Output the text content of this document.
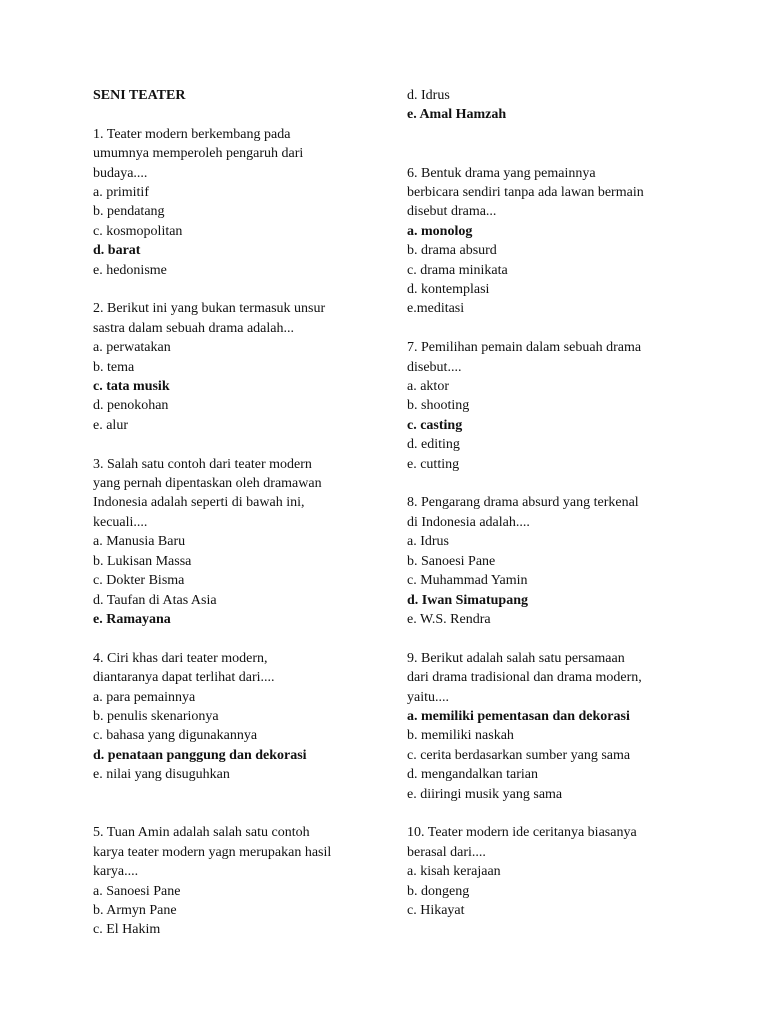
SENI TEATER
1. Teater modern berkembang pada
umumnya memperoleh pengaruh dari
budaya....
a. primitif
b. pendatang
c. kosmopolitan
d. barat
e. hedonisme
2. Berikut ini yang bukan termasuk unsur
sastra dalam sebuah drama adalah...
a. perwatakan
b. tema
c. tata musik
d. penokohan
e. alur
3. Salah satu contoh dari teater modern
yang pernah dipentaskan oleh dramawan
Indonesia adalah seperti di bawah ini,
kecuali....
a. Manusia Baru
b. Lukisan Massa
c. Dokter Bisma
d. Taufan di Atas Asia
e. Ramayana
4. Ciri khas dari teater modern,
diantaranya dapat terlihat dari....
a. para pemainnya
b. penulis skenarionya
c. bahasa yang digunakannya
d. penataan panggung dan dekorasi
e. nilai yang disuguhkan
5. Tuan Amin adalah salah satu contoh
karya teater modern yagn merupakan hasil
karya....
a. Sanoesi Pane
b. Armyn Pane
c. El Hakim
d. Idrus
e. Amal Hamzah
6. Bentuk drama yang pemainnya
berbicara sendiri tanpa ada lawan bermain
disebut drama...
a. monolog
b. drama absurd
c. drama minikata
d. kontemplasi
e.meditasi
7. Pemilihan pemain dalam sebuah drama
disebut....
a. aktor
b. shooting
c. casting
d. editing
e. cutting
8. Pengarang drama absurd yang terkenal
di Indonesia adalah....
a. Idrus
b. Sanoesi Pane
c. Muhammad Yamin
d. Iwan Simatupang
e. W.S. Rendra
9. Berikut adalah salah satu persamaan
dari drama tradisional dan drama modern,
yaitu....
a. memiliki pementasan dan dekorasi
b. memiliki naskah
c. cerita berdasarkan sumber yang sama
d. mengandalkan tarian
e. diiringi musik yang sama
10. Teater modern ide ceritanya biasanya
berasal dari....
a. kisah kerajaan
b. dongeng
c. Hikayat
